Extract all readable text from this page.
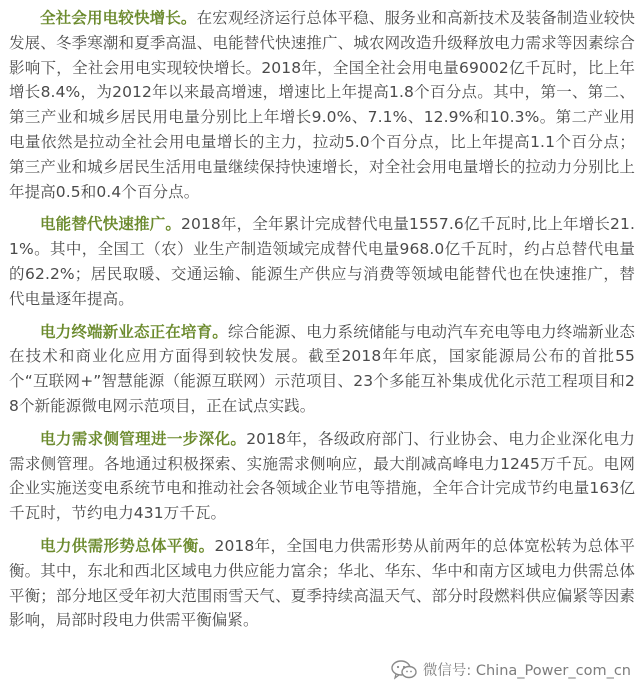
全社会用电较快增长。在宏观经济运行总体平稳、服务业和高新技术及装备制造业较快发展、冬季寒潮和夏季高温、电能替代快速推广、城农网改造升级释放电力需求等因素综合影响下，全社会用电实现较快增长。2018年，全国全社会用电量69002亿千瓦时，比上年增长8.4%，为2012年以来最高增速，增速比上年提高1.8个百分点。其中，第一、第二、第三产业和城乡居民用电量分别比上年增长9.0%、7.1%、12.9%和10.3%。第二产业用电量依然是拉动全社会用电量增长的主力，拉动5.0个百分点，比上年提高1.1个百分点；第三产业和城乡居民生活用电量继续保持快速增长，对全社会用电量增长的拉动力分别比上年提高0.5和0.4个百分点。

电能替代快速推广。2018年，全年累计完成替代电量1557.6亿千瓦时,比上年增长21.1%。其中，全国工（农）业生产制造领域完成替代电量968.0亿千瓦时，约占总替代电量的62.2%；居民取暖、交通运输、能源生产供应与消费等领域电能替代也在快速推广，替代电量逐年提高。

电力终端新业态正在培育。综合能源、电力系统储能与电动汽车充电等电力终端新业态在技术和商业化应用方面得到较快发展。截至2018年年底，国家能源局公布的首批55个“互联网+”智慧能源（能源互联网）示范项目、23个多能互补集成优化示范工程项目和28个新能源微电网示范项目，正在试点实践。

电力需求侧管理进一步深化。2018年，各级政府部门、行业协会、电力企业深化电力需求侧管理。各地通过积极探索、实施需求侧响应，最大削减高峰电力1245万千瓦。电网企业实施送变电系统节电和推动社会各领域企业节电等措施，全年合计完成节约电量163亿千瓦时，节约电力431万千瓦。

电力供需形势总体平衡。2018年，全国电力供需形势从前两年的总体宽松转为总体平衡。其中，东北和西北区域电力供应能力富余；华北、华东、华中和南方区域电力供需总体平衡；部分地区受年初大范围雨雪天气、夏季持续高温天气、部分时段燃料供应偏紧等因素影响，局部时段电力供需平衡偏紧。

微信号: China_Power_com_cn
